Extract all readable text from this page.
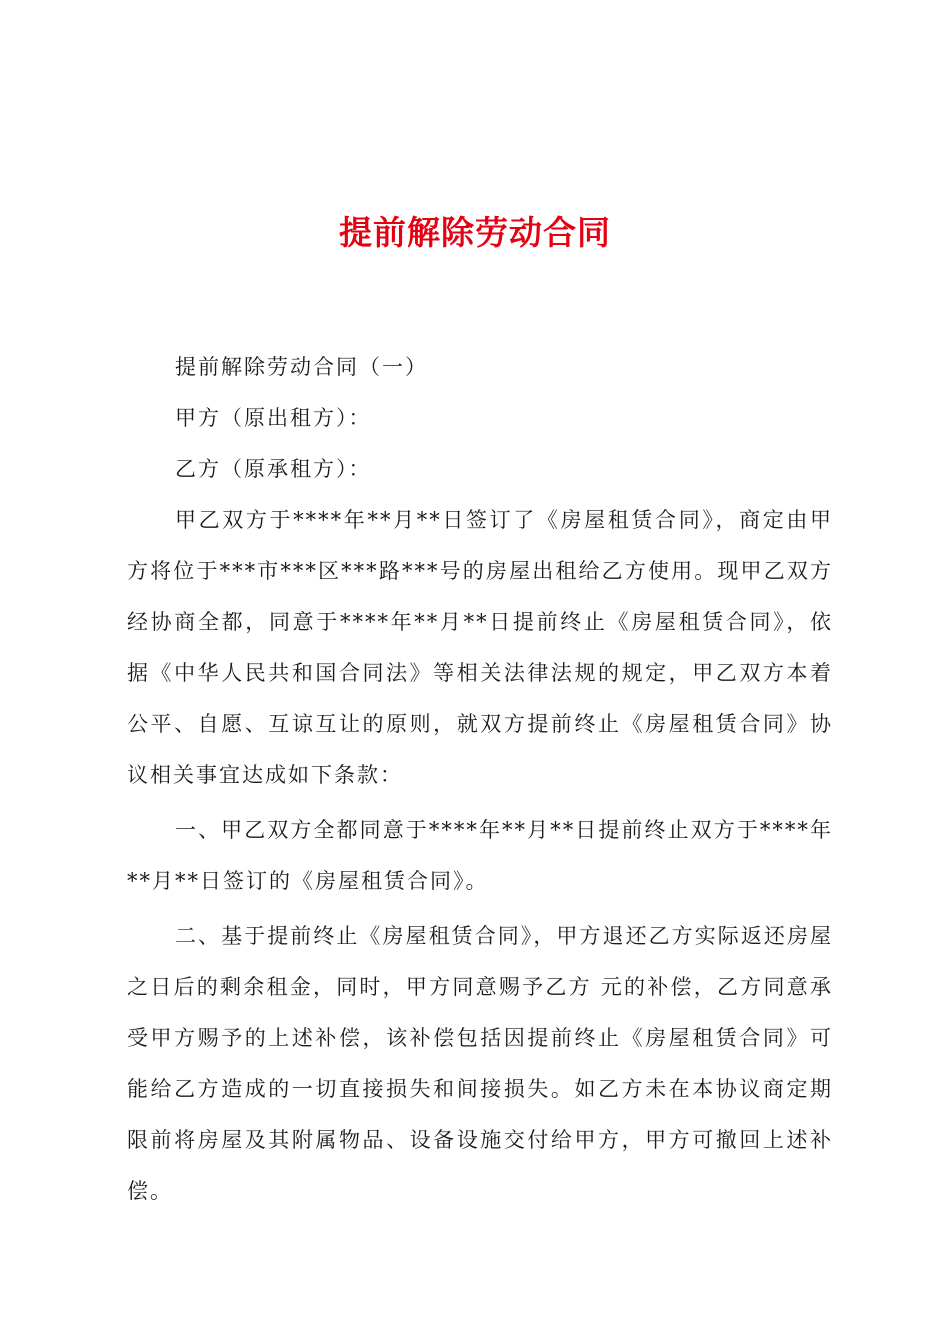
提前解除劳动合同

提前解除劳动合同（一）

甲方（原出租方）：

乙方（原承租方）：

甲乙双方于****年**月**日签订了《房屋租赁合同》，商定由甲方将位于***市***区***路***号的房屋出租给乙方使用。现甲乙双方经协商全都，同意于****年**月**日提前终止《房屋租赁合同》，依据《中华人民共和国合同法》等相关法律法规的规定，甲乙双方本着公平、自愿、互谅互让的原则，就双方提前终止《房屋租赁合同》协议相关事宜达成如下条款：

一、甲乙双方全都同意于****年**月**日提前终止双方于****年**月**日签订的《房屋租赁合同》。

二、基于提前终止《房屋租赁合同》，甲方退还乙方实际返还房屋之日后的剩余租金，同时，甲方同意赐予乙方 元的补偿，乙方同意承受甲方赐予的上述补偿，该补偿包括因提前终止《房屋租赁合同》可能给乙方造成的一切直接损失和间接损失。如乙方未在本协议商定期限前将房屋及其附属物品、设备设施交付给甲方，甲方可撤回上述补偿。
